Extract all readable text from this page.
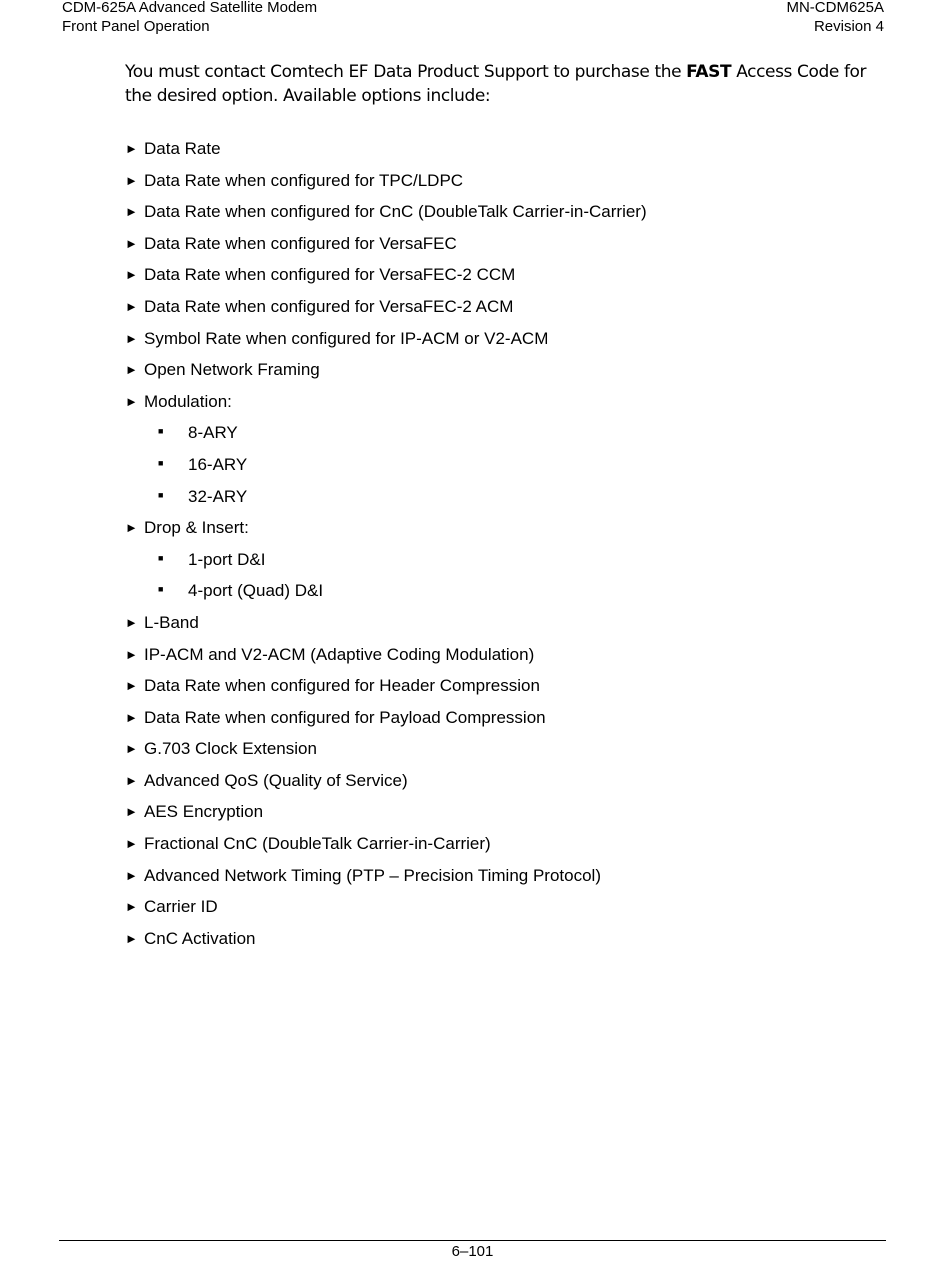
CDM-625A Advanced Satellite Modem
Front Panel Operation
MN-CDM625A
Revision 4

You must contact Comtech EF Data Product Support to purchase the FAST Access Code for the desired option. Available options include:

► Data Rate
► Data Rate when configured for TPC/LDPC
► Data Rate when configured for CnC (DoubleTalk Carrier-in-Carrier)
► Data Rate when configured for VersaFEC
► Data Rate when configured for VersaFEC-2 CCM
► Data Rate when configured for VersaFEC-2 ACM
► Symbol Rate when configured for IP-ACM or V2-ACM
► Open Network Framing
► Modulation:
■ 8-ARY
■ 16-ARY
■ 32-ARY
► Drop & Insert:
■ 1-port D&I
■ 4-port (Quad) D&I
► L-Band
► IP-ACM and V2-ACM (Adaptive Coding Modulation)
► Data Rate when configured for Header Compression
► Data Rate when configured for Payload Compression
► G.703 Clock Extension
► Advanced QoS (Quality of Service)
► AES Encryption
► Fractional CnC (DoubleTalk Carrier-in-Carrier)
► Advanced Network Timing (PTP – Precision Timing Protocol)
► Carrier ID
► CnC Activation
6–101
